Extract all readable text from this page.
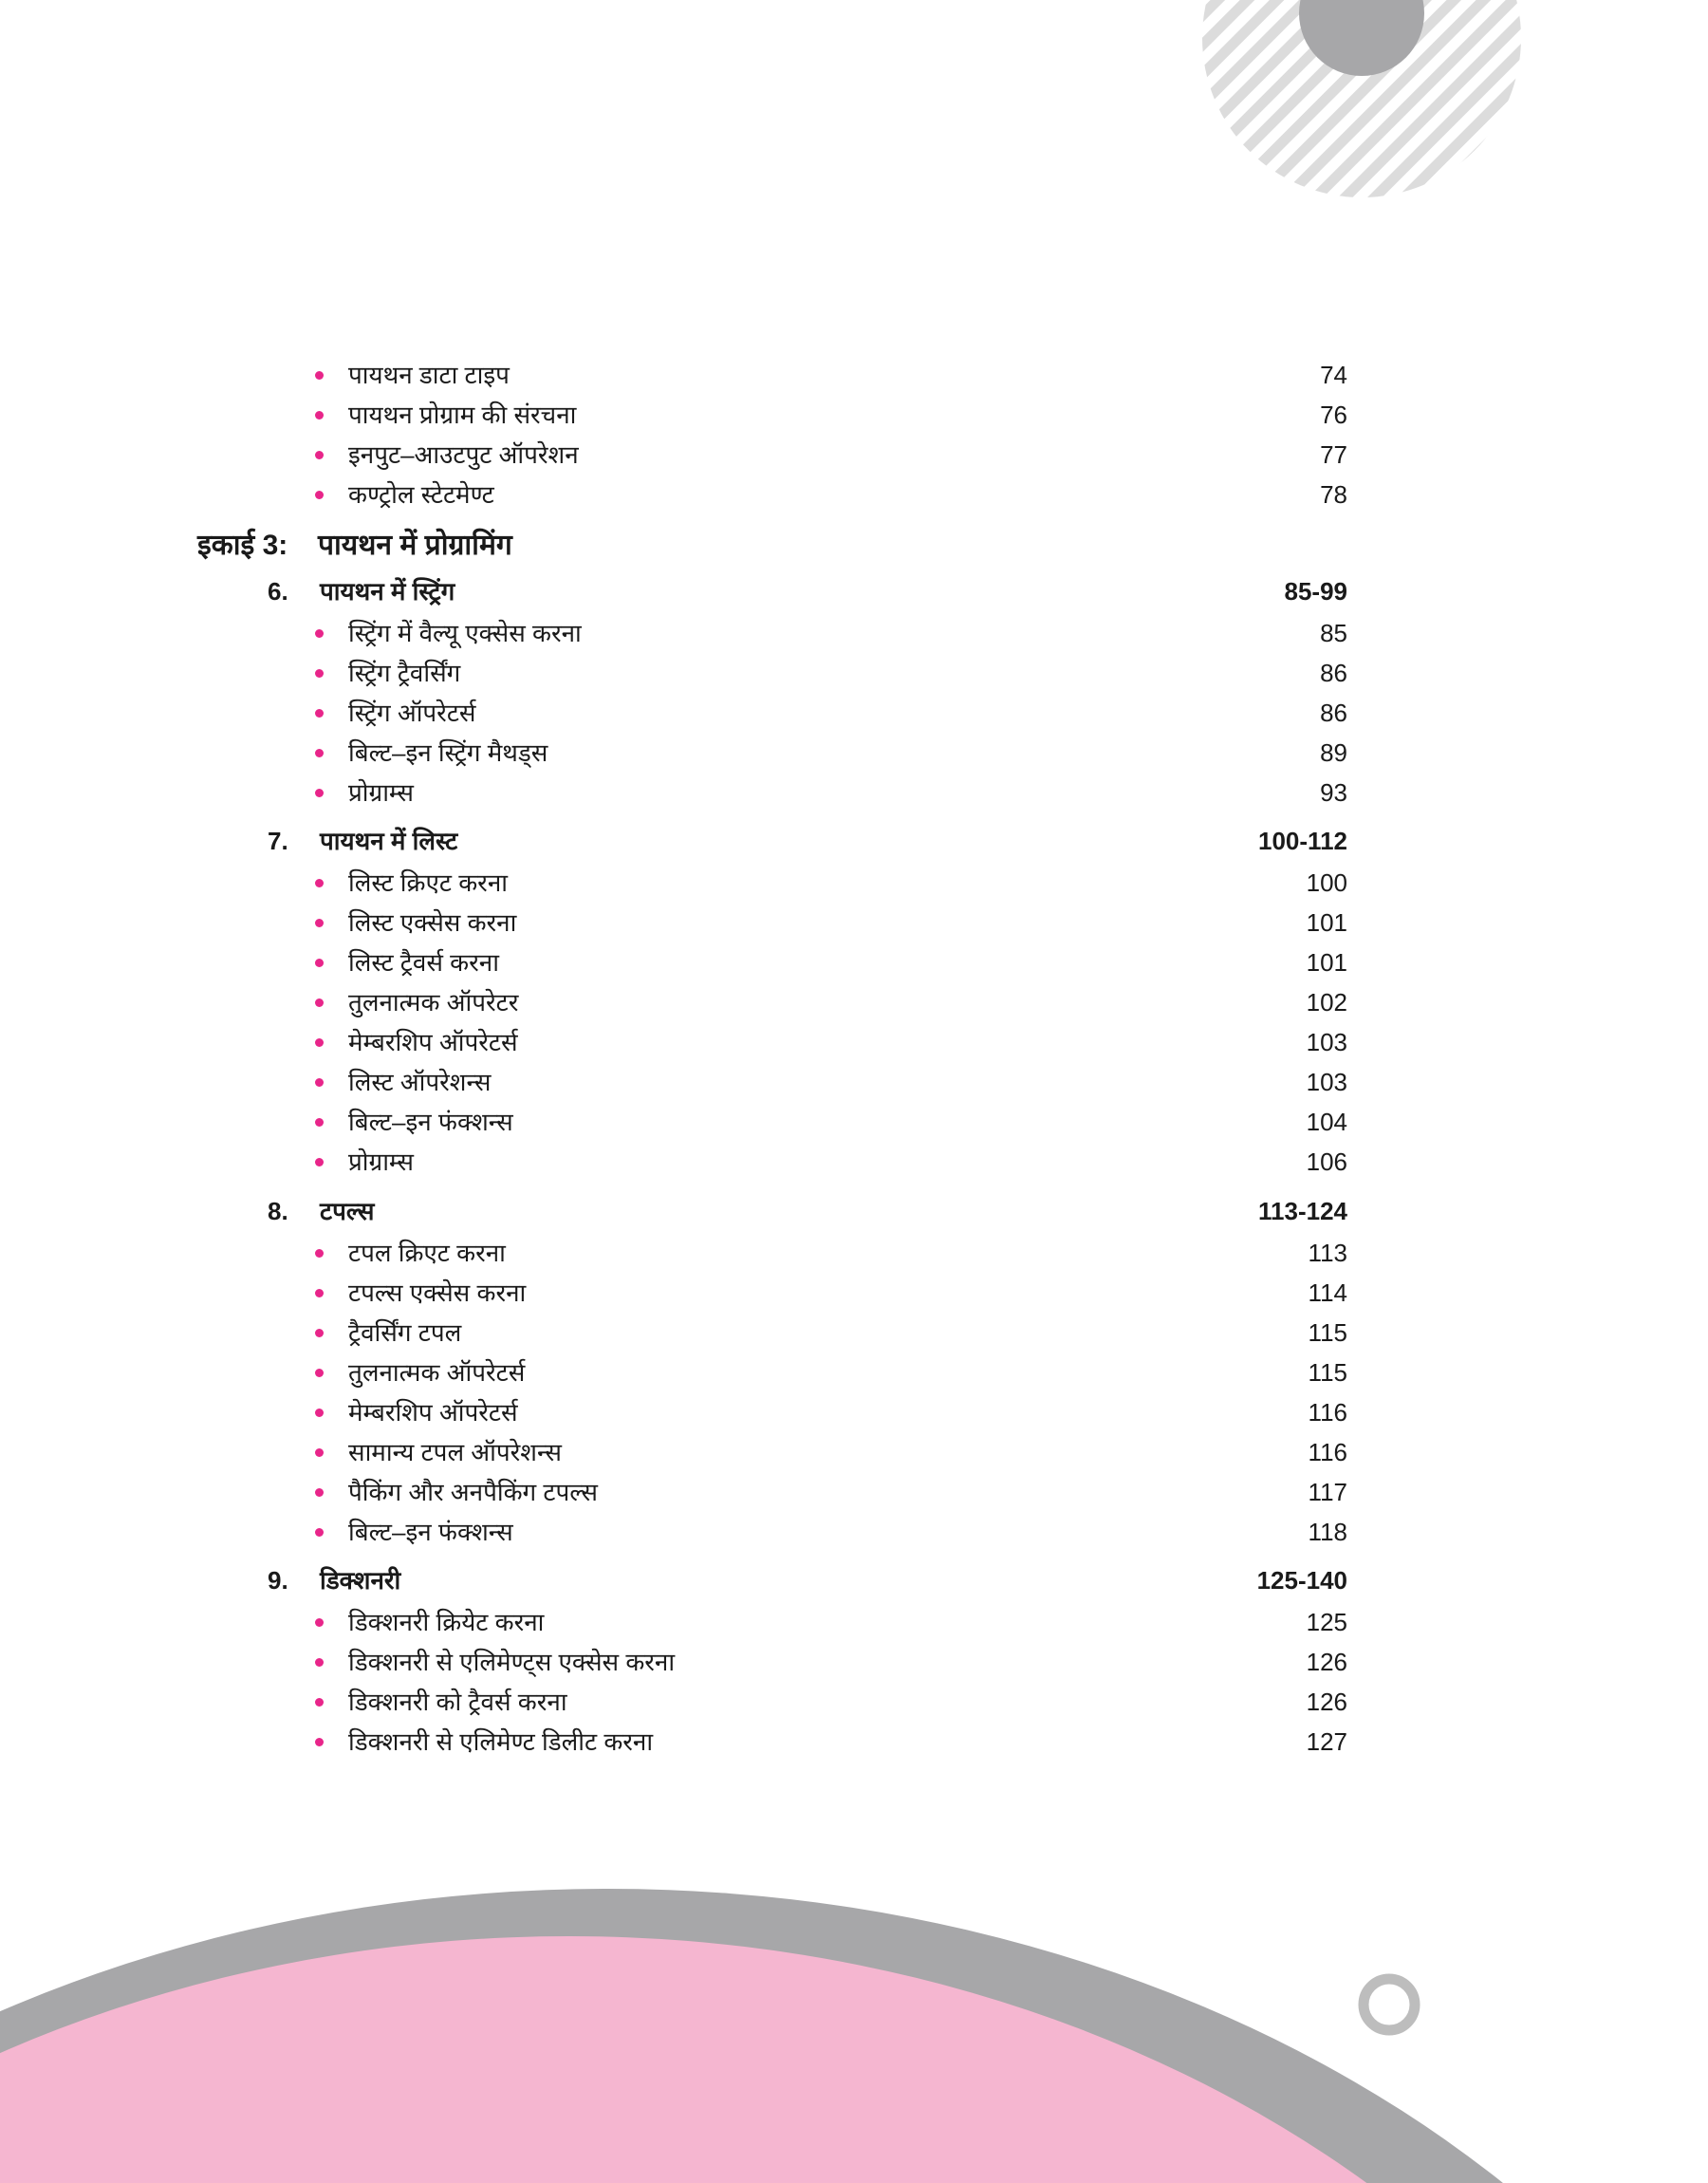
पायथन डाटा टाइप	74
पायथन प्रोग्राम की संरचना	76
इनपुट–आउटपुट ऑपरेशन	77
कण्ट्रोल स्टेटमेण्ट	78
इकाई 3: पायथन में प्रोग्रामिंग
6. पायथन में स्ट्रिंग	85-99
स्ट्रिंग में वैल्यू एक्सेस करना	85
स्ट्रिंग ट्रैवर्सिंग	86
स्ट्रिंग ऑपरेटर्स	86
बिल्ट–इन स्ट्रिंग मैथड्स	89
प्रोग्राम्स	93
7. पायथन में लिस्ट	100-112
लिस्ट क्रिएट करना	100
लिस्ट एक्सेस करना	101
लिस्ट ट्रैवर्स करना	101
तुलनात्मक ऑपरेटर	102
मेम्बरशिप ऑपरेटर्स	103
लिस्ट ऑपरेशन्स	103
बिल्ट–इन फंक्शन्स	104
प्रोग्राम्स	106
8. टपल्स	113-124
टपल क्रिएट करना	113
टपल्स एक्सेस करना	114
ट्रैवर्सिंग टपल	115
तुलनात्मक ऑपरेटर्स	115
मेम्बरशिप ऑपरेटर्स	116
सामान्य टपल ऑपरेशन्स	116
पैकिंग और अनपैकिंग टपल्स	117
बिल्ट–इन फंक्शन्स	118
9. डिक्शनरी	125-140
डिक्शनरी क्रियेट करना	125
डिक्शनरी से एलिमेण्ट्स एक्सेस करना	126
डिक्शनरी को ट्रैवर्स करना	126
डिक्शनरी से एलिमेण्ट डिलीट करना	127
